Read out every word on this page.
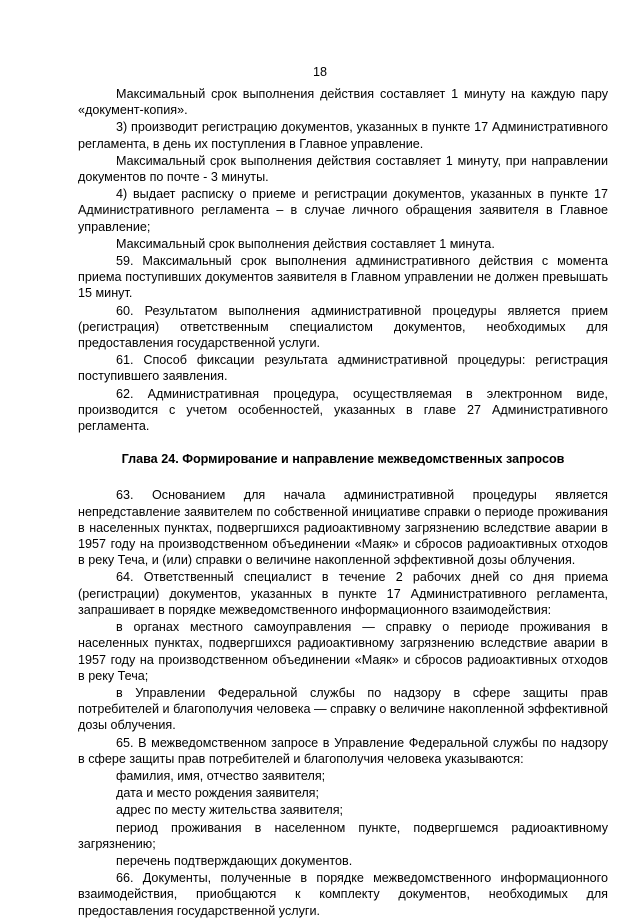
18

Максимальный срок выполнения действия составляет 1 минуту на каждую пару «документ-копия».

3) производит регистрацию документов, указанных в пункте 17 Административного регламента, в день их поступления в Главное управление.

Максимальный срок выполнения действия составляет 1 минуту, при направлении документов по почте - 3 минуты.

4) выдает расписку о приеме и регистрации документов, указанных в пункте 17 Административного регламента – в случае личного обращения заявителя в Главное управление;

Максимальный срок выполнения действия составляет 1 минута.

59. Максимальный срок выполнения административного действия с момента приема поступивших документов заявителя в Главном управлении не должен превышать 15 минут.

60. Результатом выполнения административной процедуры является прием (регистрация) ответственным специалистом документов, необходимых для предоставления государственной услуги.

61. Способ фиксации результата административной процедуры: регистрация поступившего заявления.

62. Административная процедура, осуществляемая в электронном виде, производится с учетом особенностей, указанных в главе 27 Административного регламента.

Глава 24. Формирование и направление межведомственных запросов

63. Основанием для начала административной процедуры является непредставление заявителем по собственной инициативе справки о периоде проживания в населенных пунктах, подвергшихся радиоактивному загрязнению вследствие аварии в 1957 году на производственном объединении «Маяк» и сбросов радиоактивных отходов в реку Теча, и (или) справки о величине накопленной эффективной дозы облучения.

64. Ответственный специалист в течение 2 рабочих дней со дня приема (регистрации) документов, указанных в пункте 17 Административного регламента, запрашивает в порядке межведомственного информационного взаимодействия:

в органах местного самоуправления — справку о периоде проживания в населенных пунктах, подвергшихся радиоактивному загрязнению вследствие аварии в 1957 году на производственном объединении «Маяк» и сбросов радиоактивных отходов в реку Теча;

в Управлении Федеральной службы по надзору в сфере защиты прав потребителей и благополучия человека — справку о величине накопленной эффективной дозы облучения.

65. В межведомственном запросе в Управление Федеральной службы по надзору в сфере защиты прав потребителей и благополучия человека указываются:

фамилия, имя, отчество заявителя;

дата и место рождения заявителя;

адрес по месту жительства заявителя;

период проживания в населенном пункте, подвергшемся радиоактивному загрязнению;

перечень подтверждающих документов.

66. Документы, полученные в порядке межведомственного информационного взаимодействия, приобщаются к комплекту документов, необходимых для предоставления государственной услуги.
